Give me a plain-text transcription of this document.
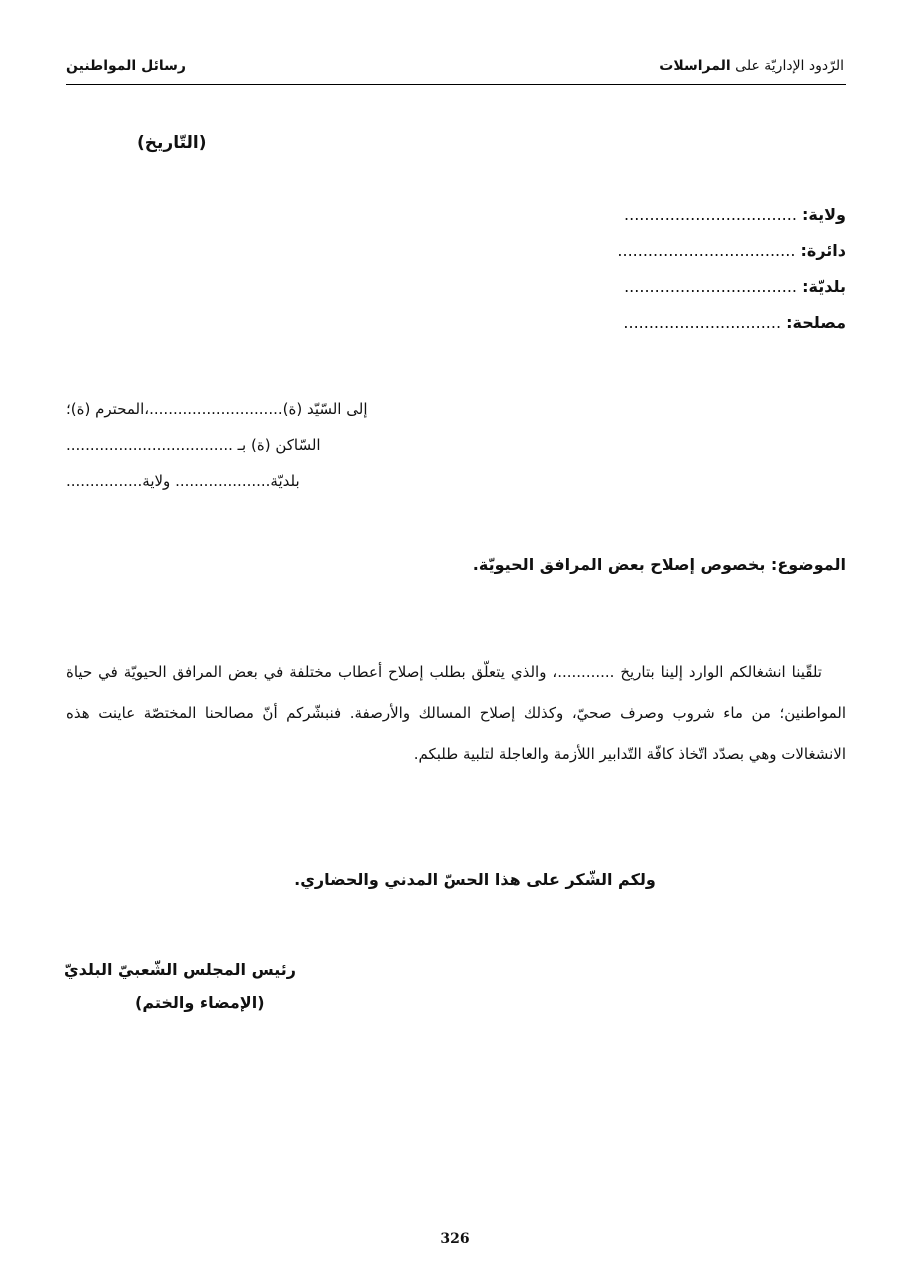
الرّدود الإداريّة على المراسلات
رسائل المواطنين
(التّاريخ)
ولاية: ..................................
دائرة: ...................................
بلديّة: ..................................
مصلحة: ...............................
إلى السّيّد (ة)............................،المحترم (ة)؛
السّاكن (ة) بـ ...................................
بلديّة.................... ولاية................
الموضوع: بخصوص إصلاح بعض المرافق الحيويّة.
تلقّينا انشغالكم الوارد إلينا بتاريخ ............، والذي يتعلّق بطلب إصلاح أعطاب مختلفة في بعض المرافق الحيويّة في حياة المواطنين؛ من ماء شروب وصرف صحيّ، وكذلك إصلاح المسالك والأرصفة. فنبشّركم أنّ مصالحنا المختصّة عاينت هذه الانشغالات وهي بصدّد اتّخاذ كافّة التّدابير اللأزمة والعاجلة لتلبية طلبكم.
ولكم الشّكر على هذا الحسّ المدني والحضاري.
رئيس المجلس الشّعبيّ البلديّ
(الإمضاء والختم)
326
